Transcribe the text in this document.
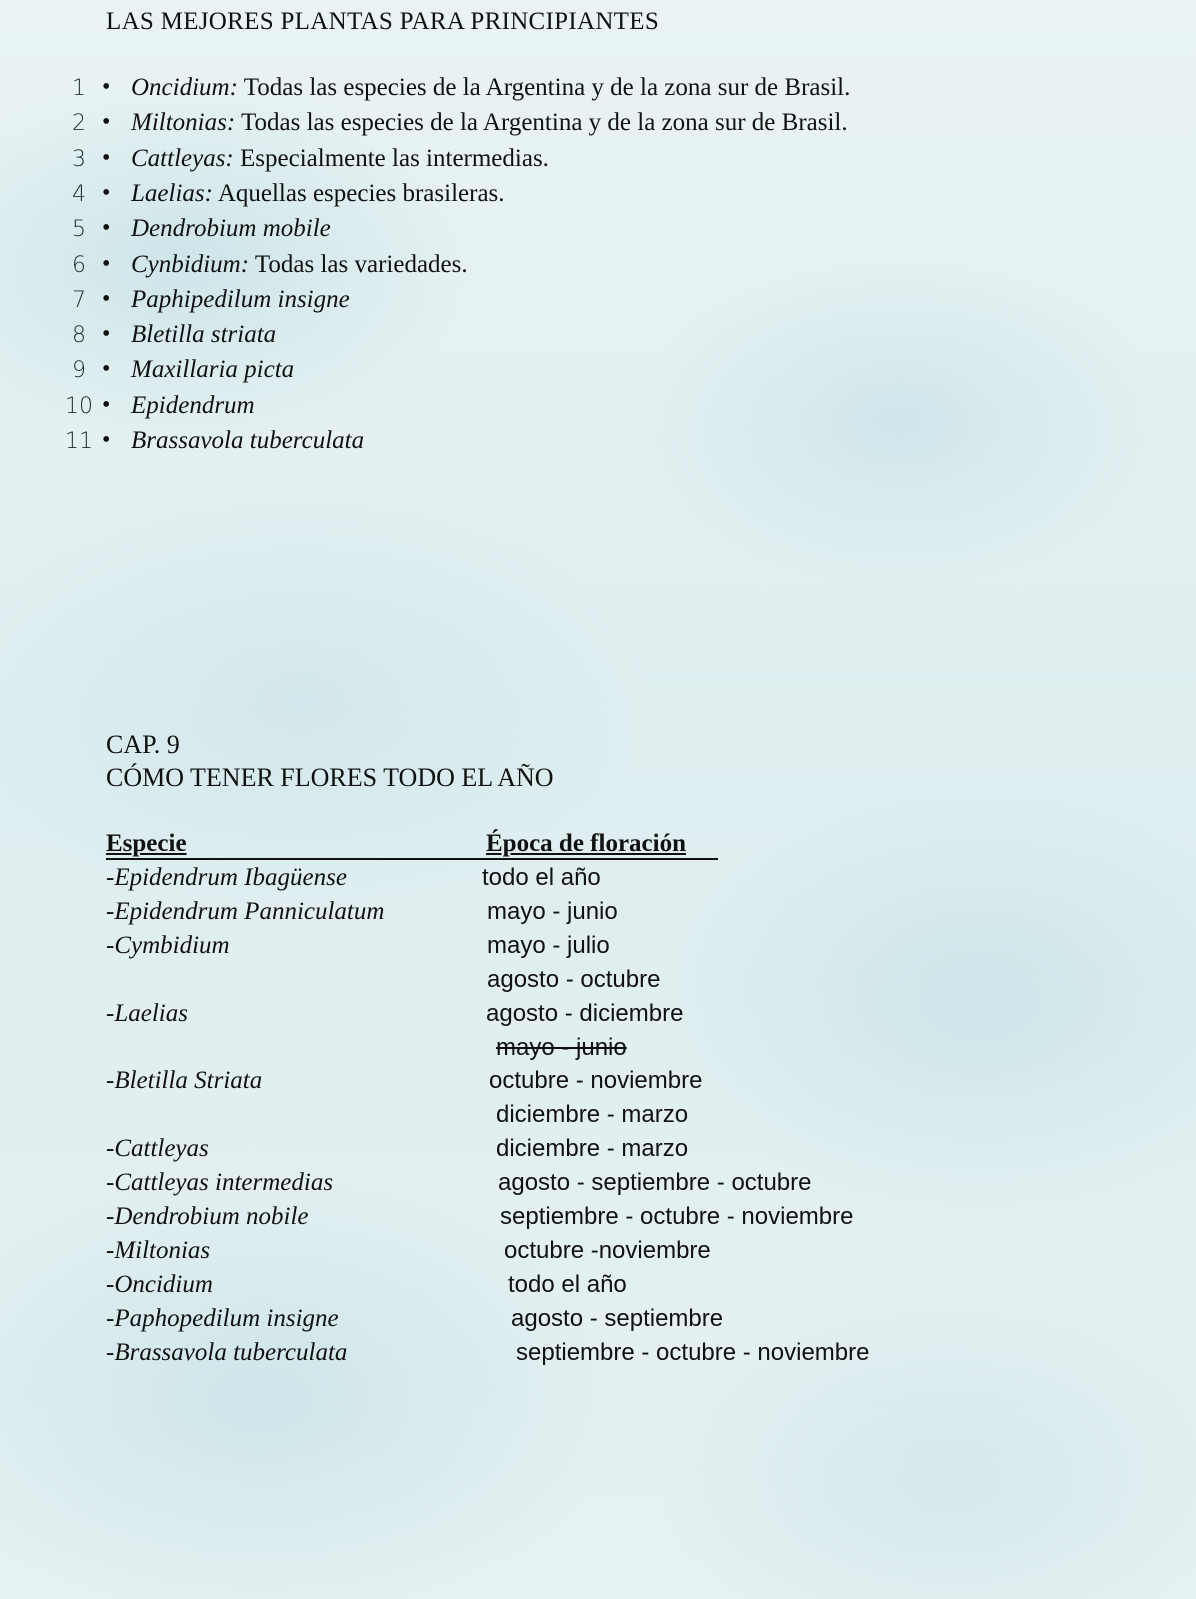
LAS MEJORES PLANTAS PARA PRINCIPIANTES
1 • Oncidium: Todas las especies de la Argentina y de la zona sur de Brasil.
2 • Miltonias: Todas las especies de la Argentina y de la zona sur de Brasil.
3 • Cattleyas: Especialmente las intermedias.
4 • Laelias: Aquellas especies brasileras.
5 • Dendrobium mobile
6 • Cynbidium: Todas las variedades.
7 • Paphipedilum insigne
8 • Bletilla striata
9 • Maxillaria picta
10 • Epidendrum
11 • Brassavola tuberculata
CAP. 9
CÓMO TENER FLORES TODO EL AÑO
Especie	Época de floración
-Epidendrum Ibagüense	todo el año
-Epidendrum Panniculatum	mayo - junio
-Cymbidium	mayo - julio
agosto - octubre
-Laelias	agosto - diciembre
mayo - junio
-Bletilla Striata	octubre - noviembre
diciembre - marzo
-Cattleyas	diciembre - marzo
-Cattleyas intermedias	agosto - septiembre - octubre
-Dendrobium nobile	septiembre - octubre - noviembre
-Miltonias	octubre -noviembre
-Oncidium	todo el año
-Paphopedilum insigne	agosto - septiembre
-Brassavola tuberculata	septiembre - octubre - noviembre
